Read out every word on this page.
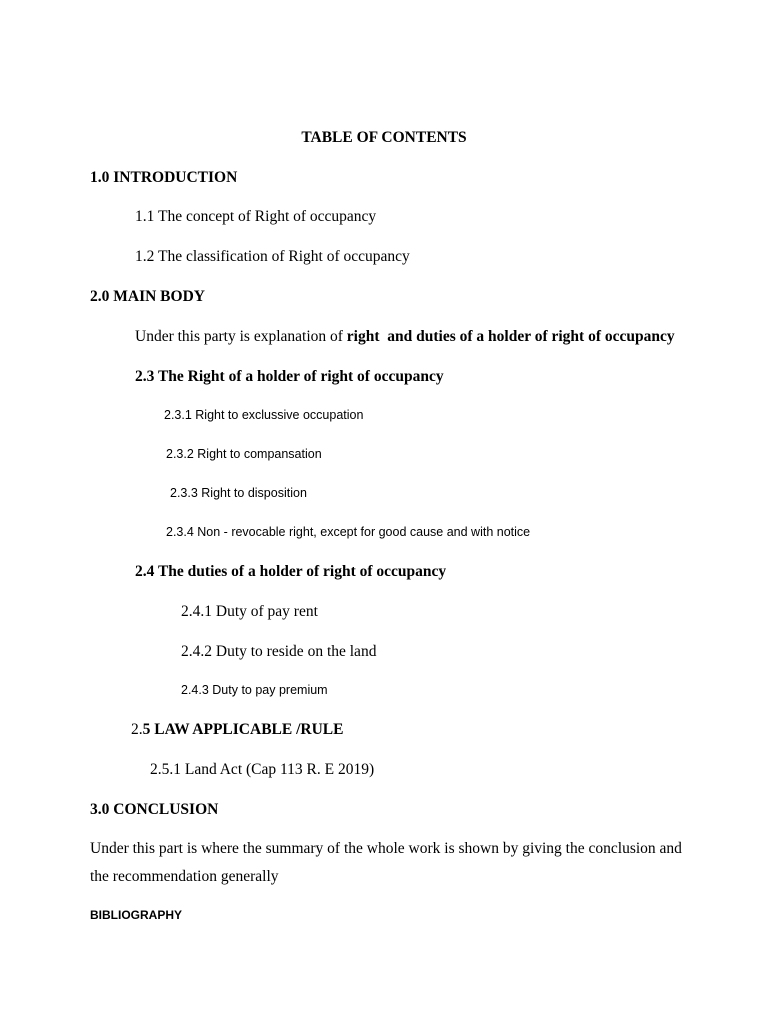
TABLE OF CONTENTS

1.0 INTRODUCTION

1.1 The concept of Right of occupancy

1.2 The classification of Right of occupancy

2.0 MAIN BODY

Under this party is explanation of right  and duties of a holder of right of occupancy

2.3 The Right of a holder of right of occupancy

2.3.1 Right to exclussive occupation

2.3.2 Right to compansation

2.3.3 Right to disposition

2.3.4 Non - revocable right, except for good cause and with notice

2.4 The duties of a holder of right of occupancy

2.4.1 Duty of pay rent

2.4.2 Duty to reside on the land

2.4.3 Duty to pay premium

2.5 LAW APPLICABLE /RULE

2.5.1 Land Act (Cap 113 R. E 2019)

3.0 CONCLUSION

Under this part is where the summary of the whole work is shown by giving the conclusion and

the recommendation generally

BIBLIOGRAPHY
